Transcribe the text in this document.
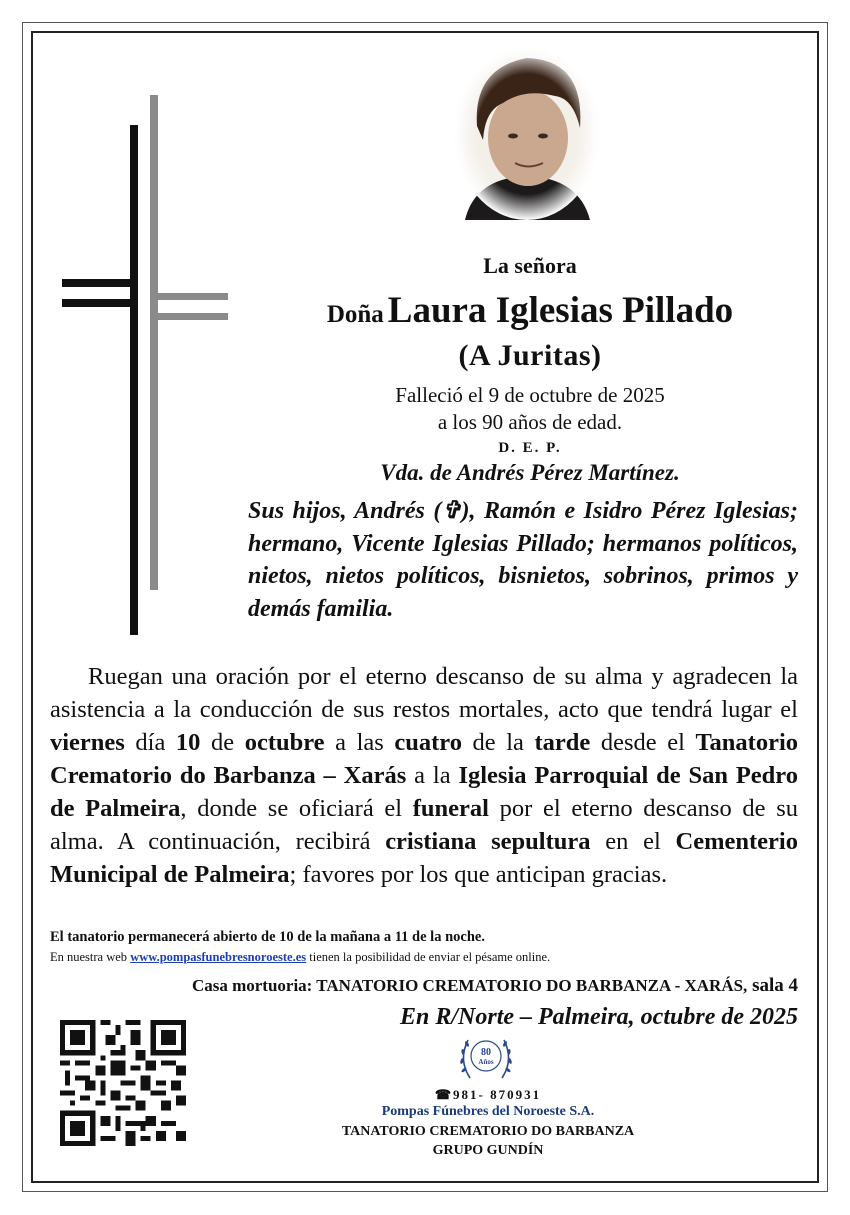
La señora
Doña Laura Iglesias Pillado
(A Juritas)
Falleció el 9 de octubre de 2025
a los 90 años de edad.
D. E. P.
Vda. de Andrés Pérez Martínez.
Sus hijos, Andrés (✞), Ramón e Isidro Pérez Iglesias; hermano, Vicente Iglesias Pillado; hermanos políticos, nietos, nietos políticos, bisnietos, sobrinos, primos y demás familia.
Ruegan una oración por el eterno descanso de su alma y agradecen la asistencia a la conducción de sus restos mortales, acto que tendrá lugar el viernes día 10 de octubre a las cuatro de la tarde desde el Tanatorio Crematorio do Barbanza – Xarás a la Iglesia Parroquial de San Pedro de Palmeira, donde se oficiará el funeral por el eterno descanso de su alma. A continuación, recibirá cristiana sepultura en el Cementerio Municipal de Palmeira; favores por los que anticipan gracias.
El tanatorio permanecerá abierto de 10 de la mañana a 11 de la noche.
En nuestra web www.pompasfunebresnoroeste.es tienen la posibilidad de enviar el pésame online.
Casa mortuoria: TANATORIO CREMATORIO DO BARBANZA - XARÁS, sala 4
En R/Norte – Palmeira, octubre de 2025
80
Años
☎981- 870931
Pompas Fúnebres del Noroeste S.A.
TANATORIO CREMATORIO DO BARBANZA
GRUPO GUNDÍN
